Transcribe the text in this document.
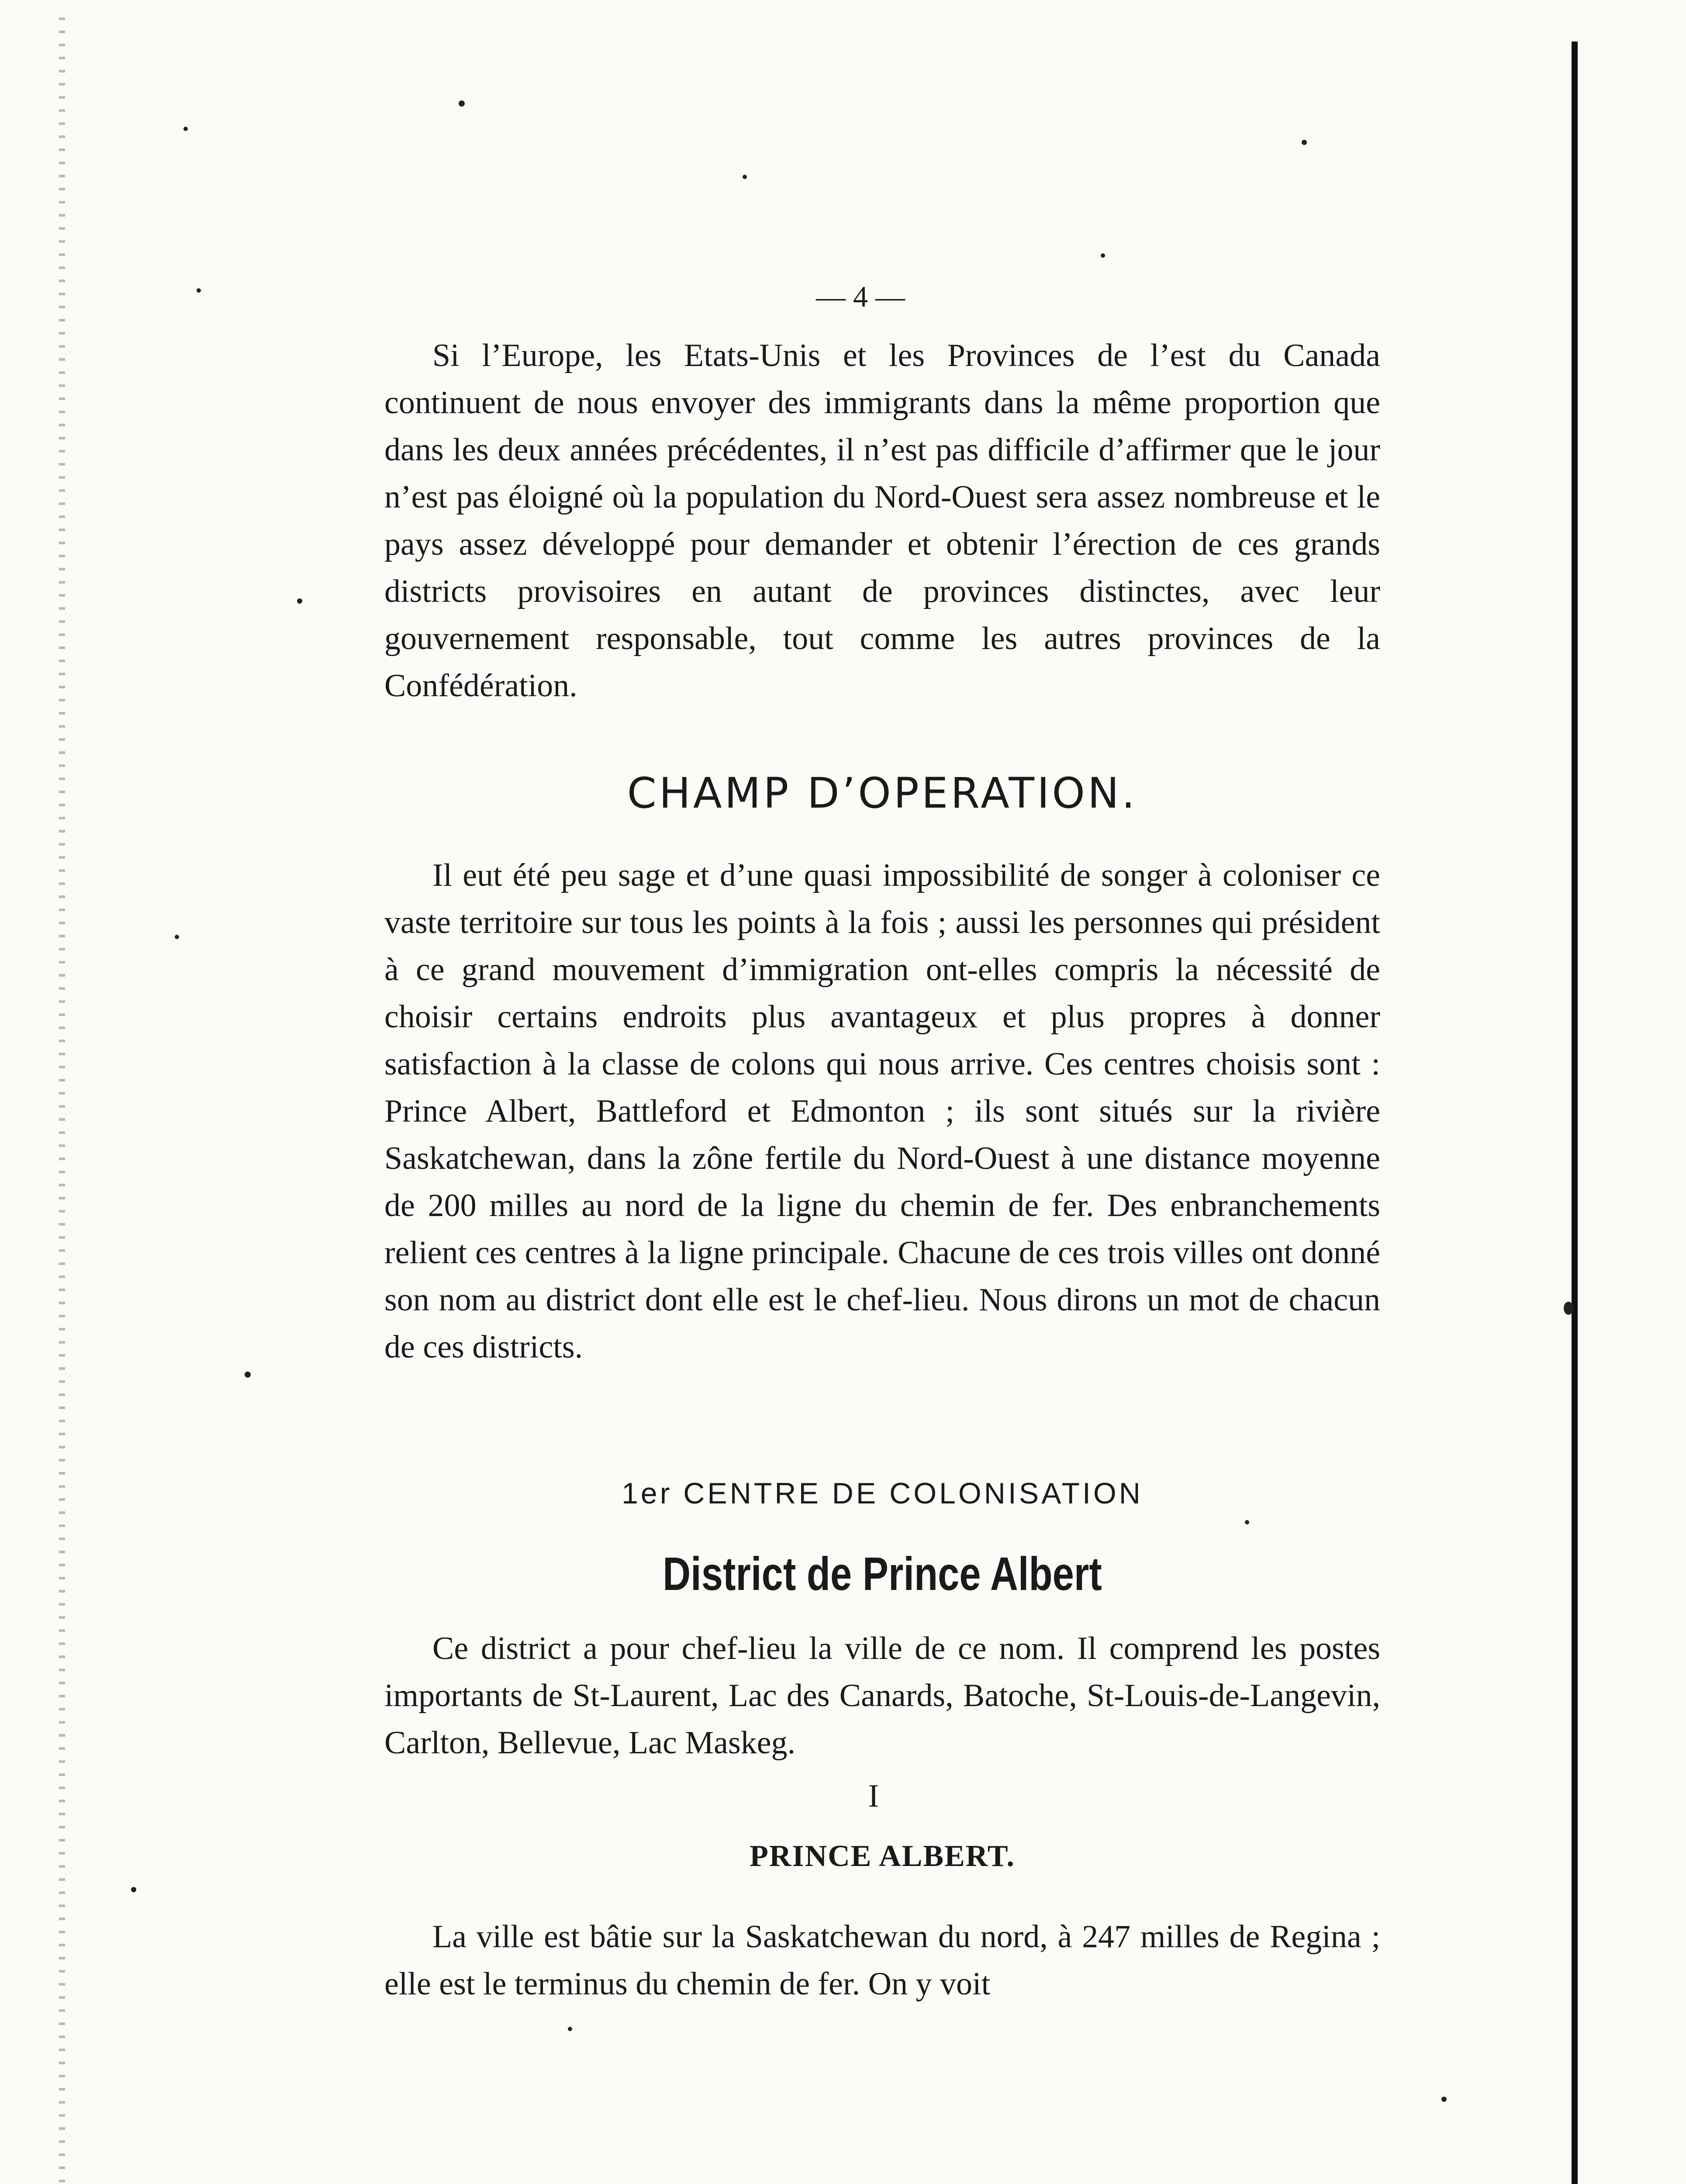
— 4 —

Si l’Europe, les Etats-Unis et les Provinces de l’est du Canada continuent de nous envoyer des immigrants dans la même proportion que dans les deux années précédentes, il n’est pas difficile d’affirmer que le jour n’est pas éloigné où la population du Nord-Ouest sera assez nombreuse et le pays assez développé pour demander et obtenir l’érection de ces grands districts provisoires en autant de provinces distinctes, avec leur gouvernement responsable, tout comme les autres provinces de la Confédération.

CHAMP D’OPERATION.

Il eut été peu sage et d’une quasi impossibilité de songer à coloniser ce vaste territoire sur tous les points à la fois ; aussi les personnes qui président à ce grand mouvement d’immigration ont-elles compris la nécessité de choisir certains endroits plus avantageux et plus propres à donner satisfaction à la classe de colons qui nous arrive. Ces centres choisis sont : Prince Albert, Battleford et Edmonton ; ils sont situés sur la rivière Saskatchewan, dans la zône fertile du Nord-Ouest à une distance moyenne de 200 milles au nord de la ligne du chemin de fer. Des enbranchements relient ces centres à la ligne principale. Chacune de ces trois villes ont donné son nom au district dont elle est le chef-lieu. Nous dirons un mot de chacun de ces districts.

1er CENTRE DE COLONISATION
District de Prince Albert

Ce district a pour chef-lieu la ville de ce nom. Il comprend les postes importants de St-Laurent, Lac des Canards, Batoche, St-Louis-de-Langevin, Carlton, Bellevue, Lac Maskeg.

I
PRINCE ALBERT.

La ville est bâtie sur la Saskatchewan du nord, à 247 milles de Regina ; elle est le terminus du chemin de fer. On y voit
